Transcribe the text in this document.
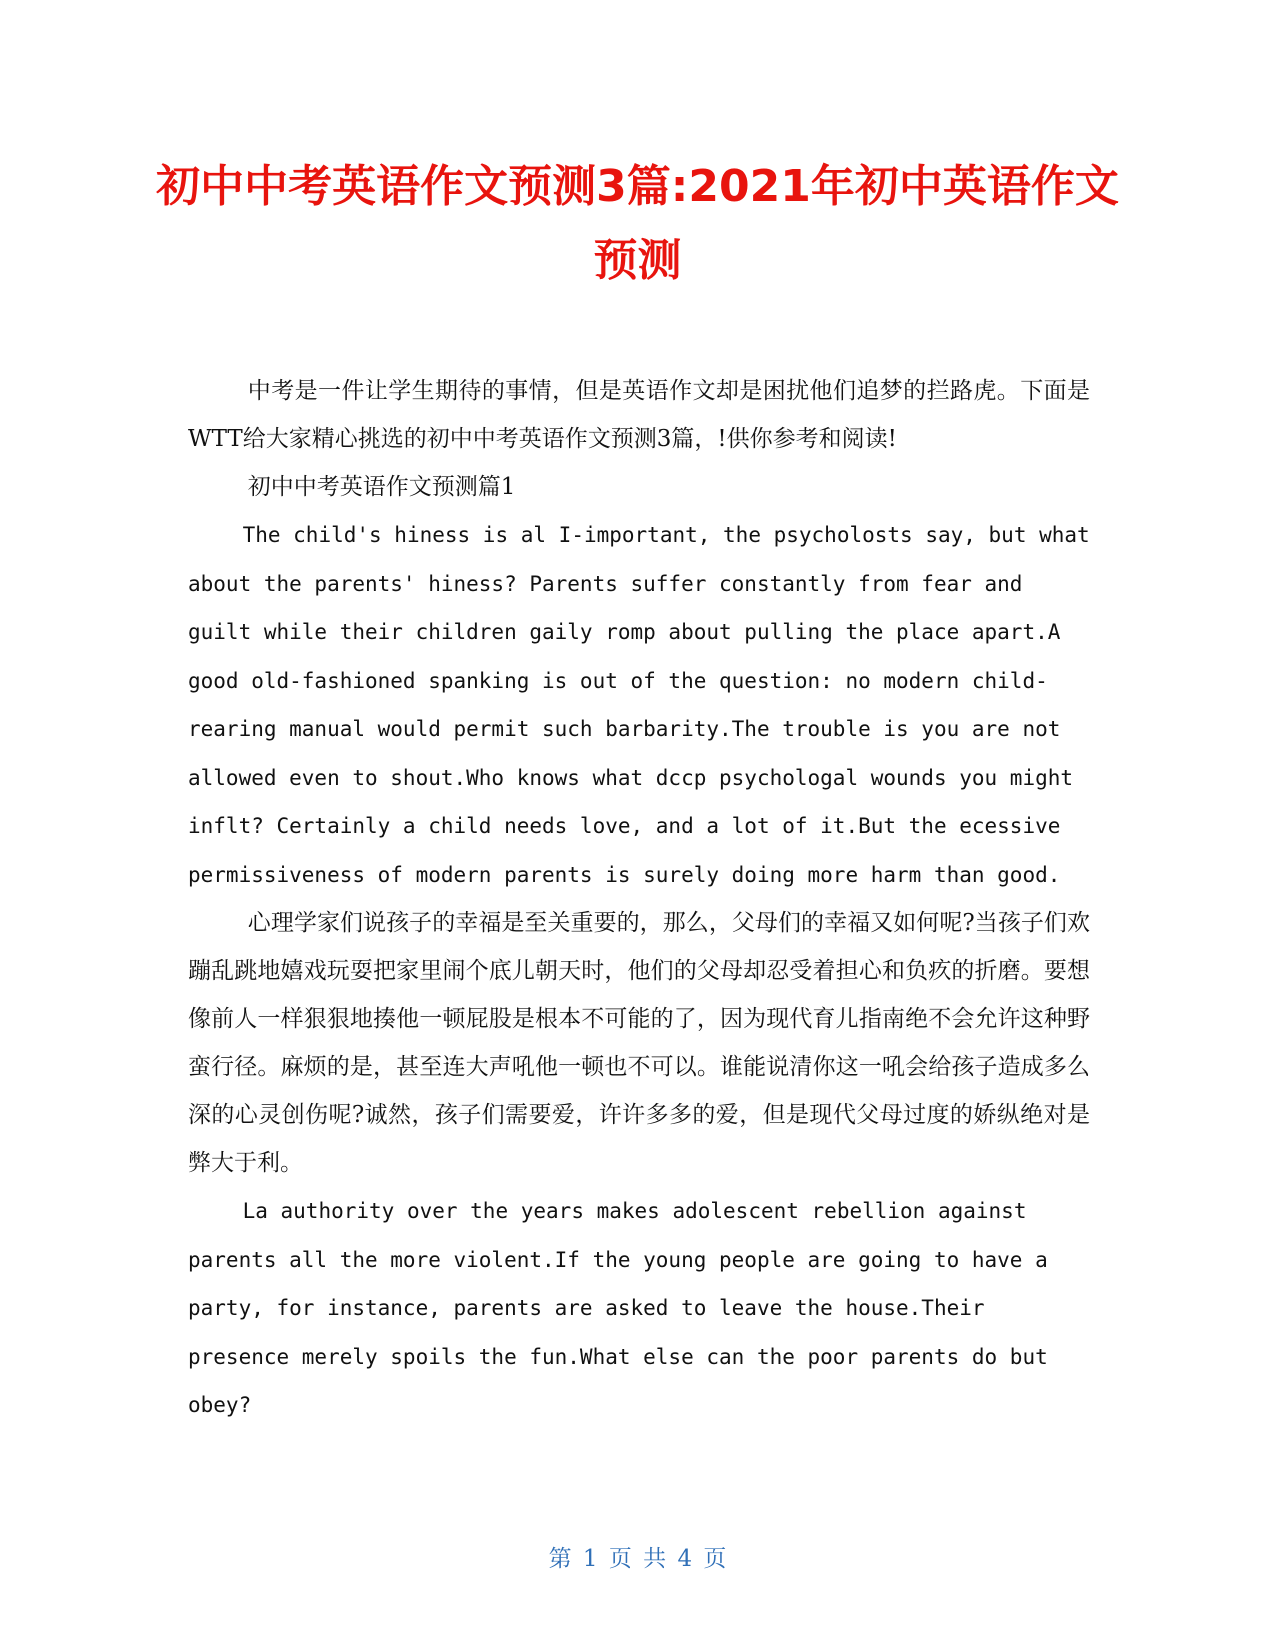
初中中考英语作文预测3篇:2021年初中英语作文预测

中考是一件让学生期待的事情，但是英语作文却是困扰他们追梦的拦路虎。下面是WTT给大家精心挑选的初中中考英语作文预测3篇，!供你参考和阅读!

初中中考英语作文预测篇1

The child's hiness is al I-important, the psycholosts say, but what about the parents' hiness? Parents suffer constantly from fear and guilt while their children gaily romp about pulling the place apart.A good old-fashioned spanking is out of the question: no modern child-rearing manual would permit such barbarity.The trouble is you are not allowed even to shout.Who knows what dccp psychologal wounds you might inflt? Certainly a child needs love, and a lot of it.But the ecessive permissiveness of modern parents is surely doing more harm than good.

心理学家们说孩子的幸福是至关重要的，那么，父母们的幸福又如何呢?当孩子们欢蹦乱跳地嬉戏玩耍把家里闹个底儿朝天时，他们的父母却忍受着担心和负疚的折磨。要想像前人一样狠狠地揍他一顿屁股是根本不可能的了，因为现代育儿指南绝不会允许这种野蛮行径。麻烦的是，甚至连大声吼他一顿也不可以。谁能说清你这一吼会给孩子造成多么深的心灵创伤呢?诚然，孩子们需要爱，许许多多的爱，但是现代父母过度的娇纵绝对是弊大于利。

La authority over the years makes adolescent rebellion against parents all the more violent.If the young people are going to have a party, for instance, parents are asked to leave the house.Their presence merely spoils the fun.What else can the poor parents do but obey?

第 1 页 共 4 页
